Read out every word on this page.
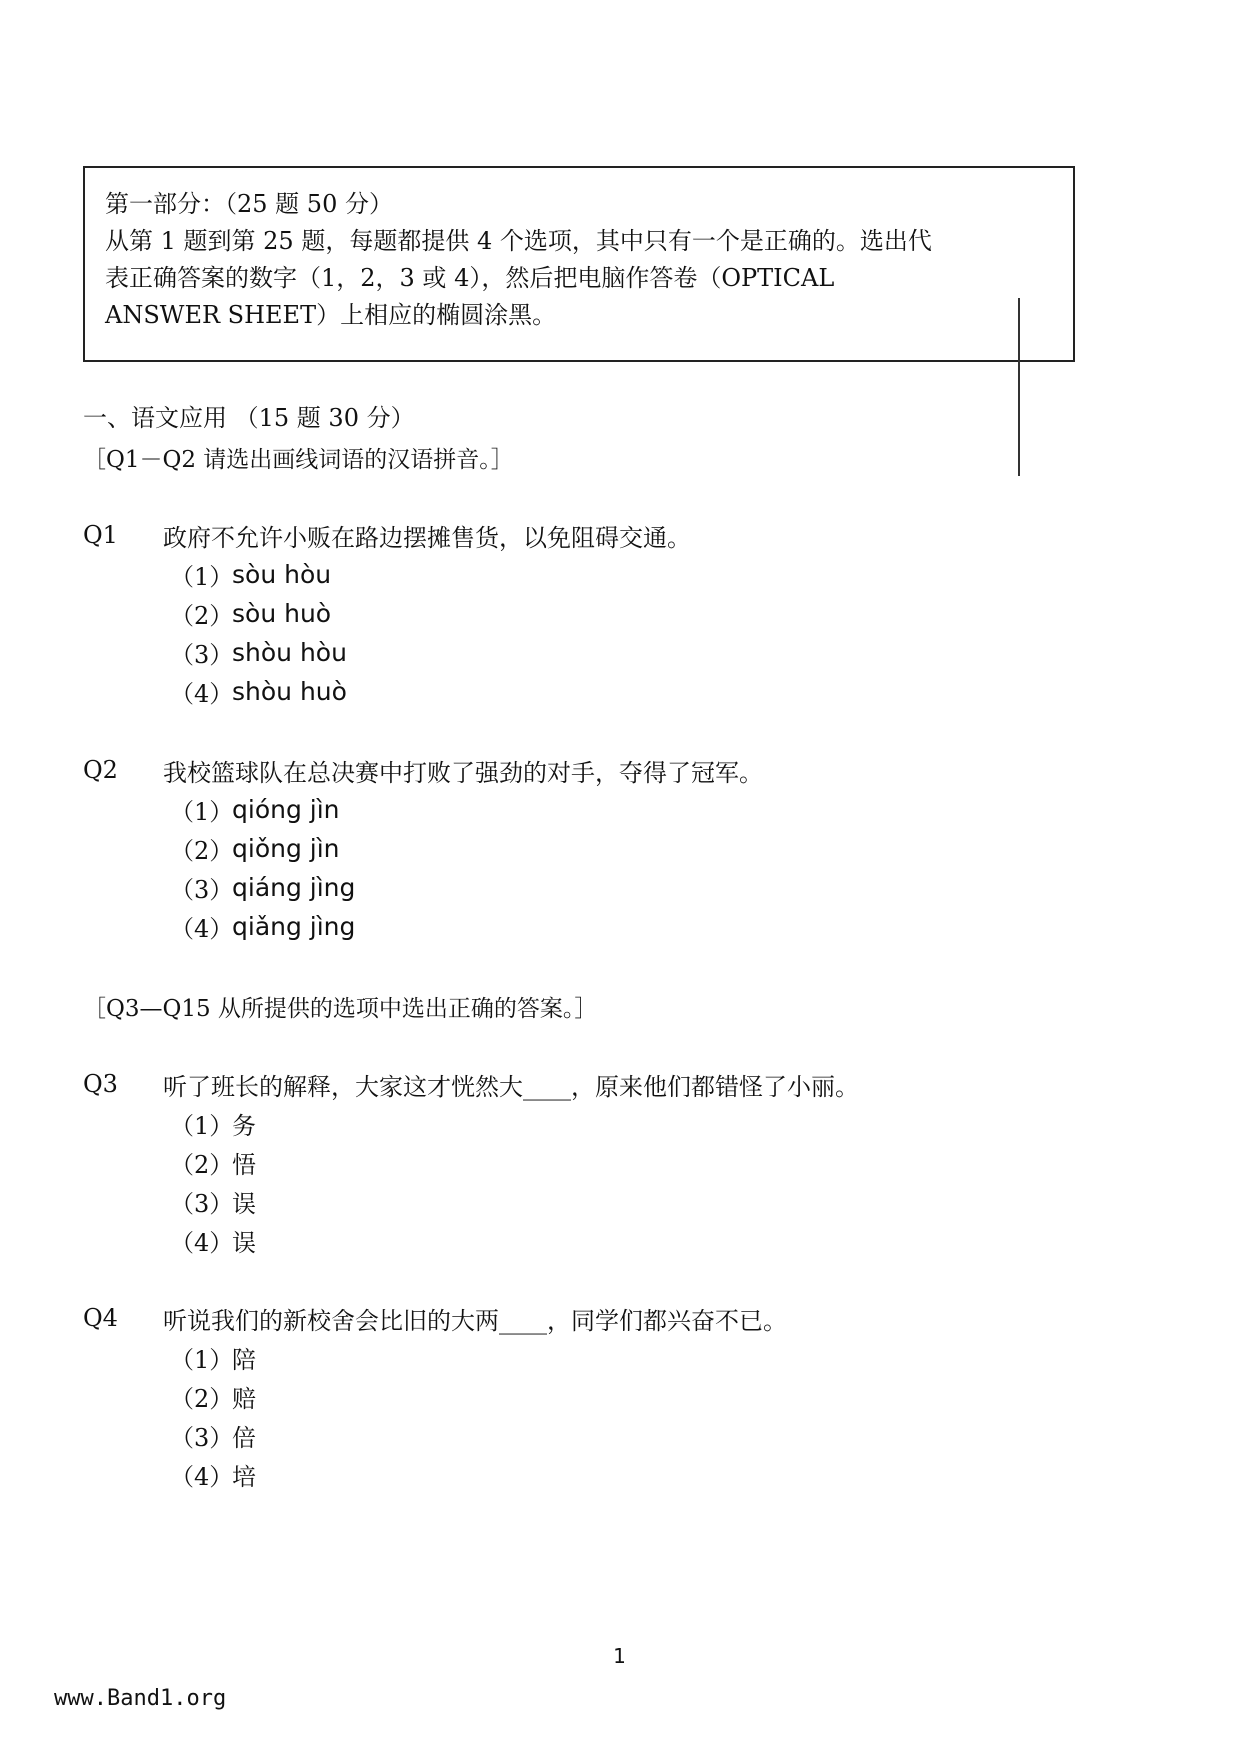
第一部分：（25 题 50 分）

从第 1 题到第 25 题，每题都提供 4 个选项，其中只有一个是正确的。选出代

表正确答案的数字（1，2，3 或 4），然后把电脑作答卷（OPTICAL

ANSWER SHEET）上相应的椭圆涂黑。

一、语文应用 （15 题 30 分）
［Q1－Q2 请选出画线词语的汉语拼音。］
Q1	政府不允许小贩在路边摆摊售货，以免阻碍交通。
（1）
sòu hòu
（2）
sòu huò
（3）
shòu hòu
（4）
shòu huò
Q2	我校篮球队在总决赛中打败了强劲的对手，夺得了冠军。
（1）
qióng jìn
（2）
qiǒng jìn
（3）
qiáng jìng
（4）
qiǎng jìng
［Q3—Q15 从所提供的选项中选出正确的答案。］
Q3	听了班长的解释，大家这才恍然大____，原来他们都错怪了小丽。
（1）
务
（2）
悟
（3）
误
（4）
误
Q4	听说我们的新校舍会比旧的大两____，同学们都兴奋不已。
（1）
陪
（2）
赔
（3）
倍
（4）
培
1
www.Band1.org
